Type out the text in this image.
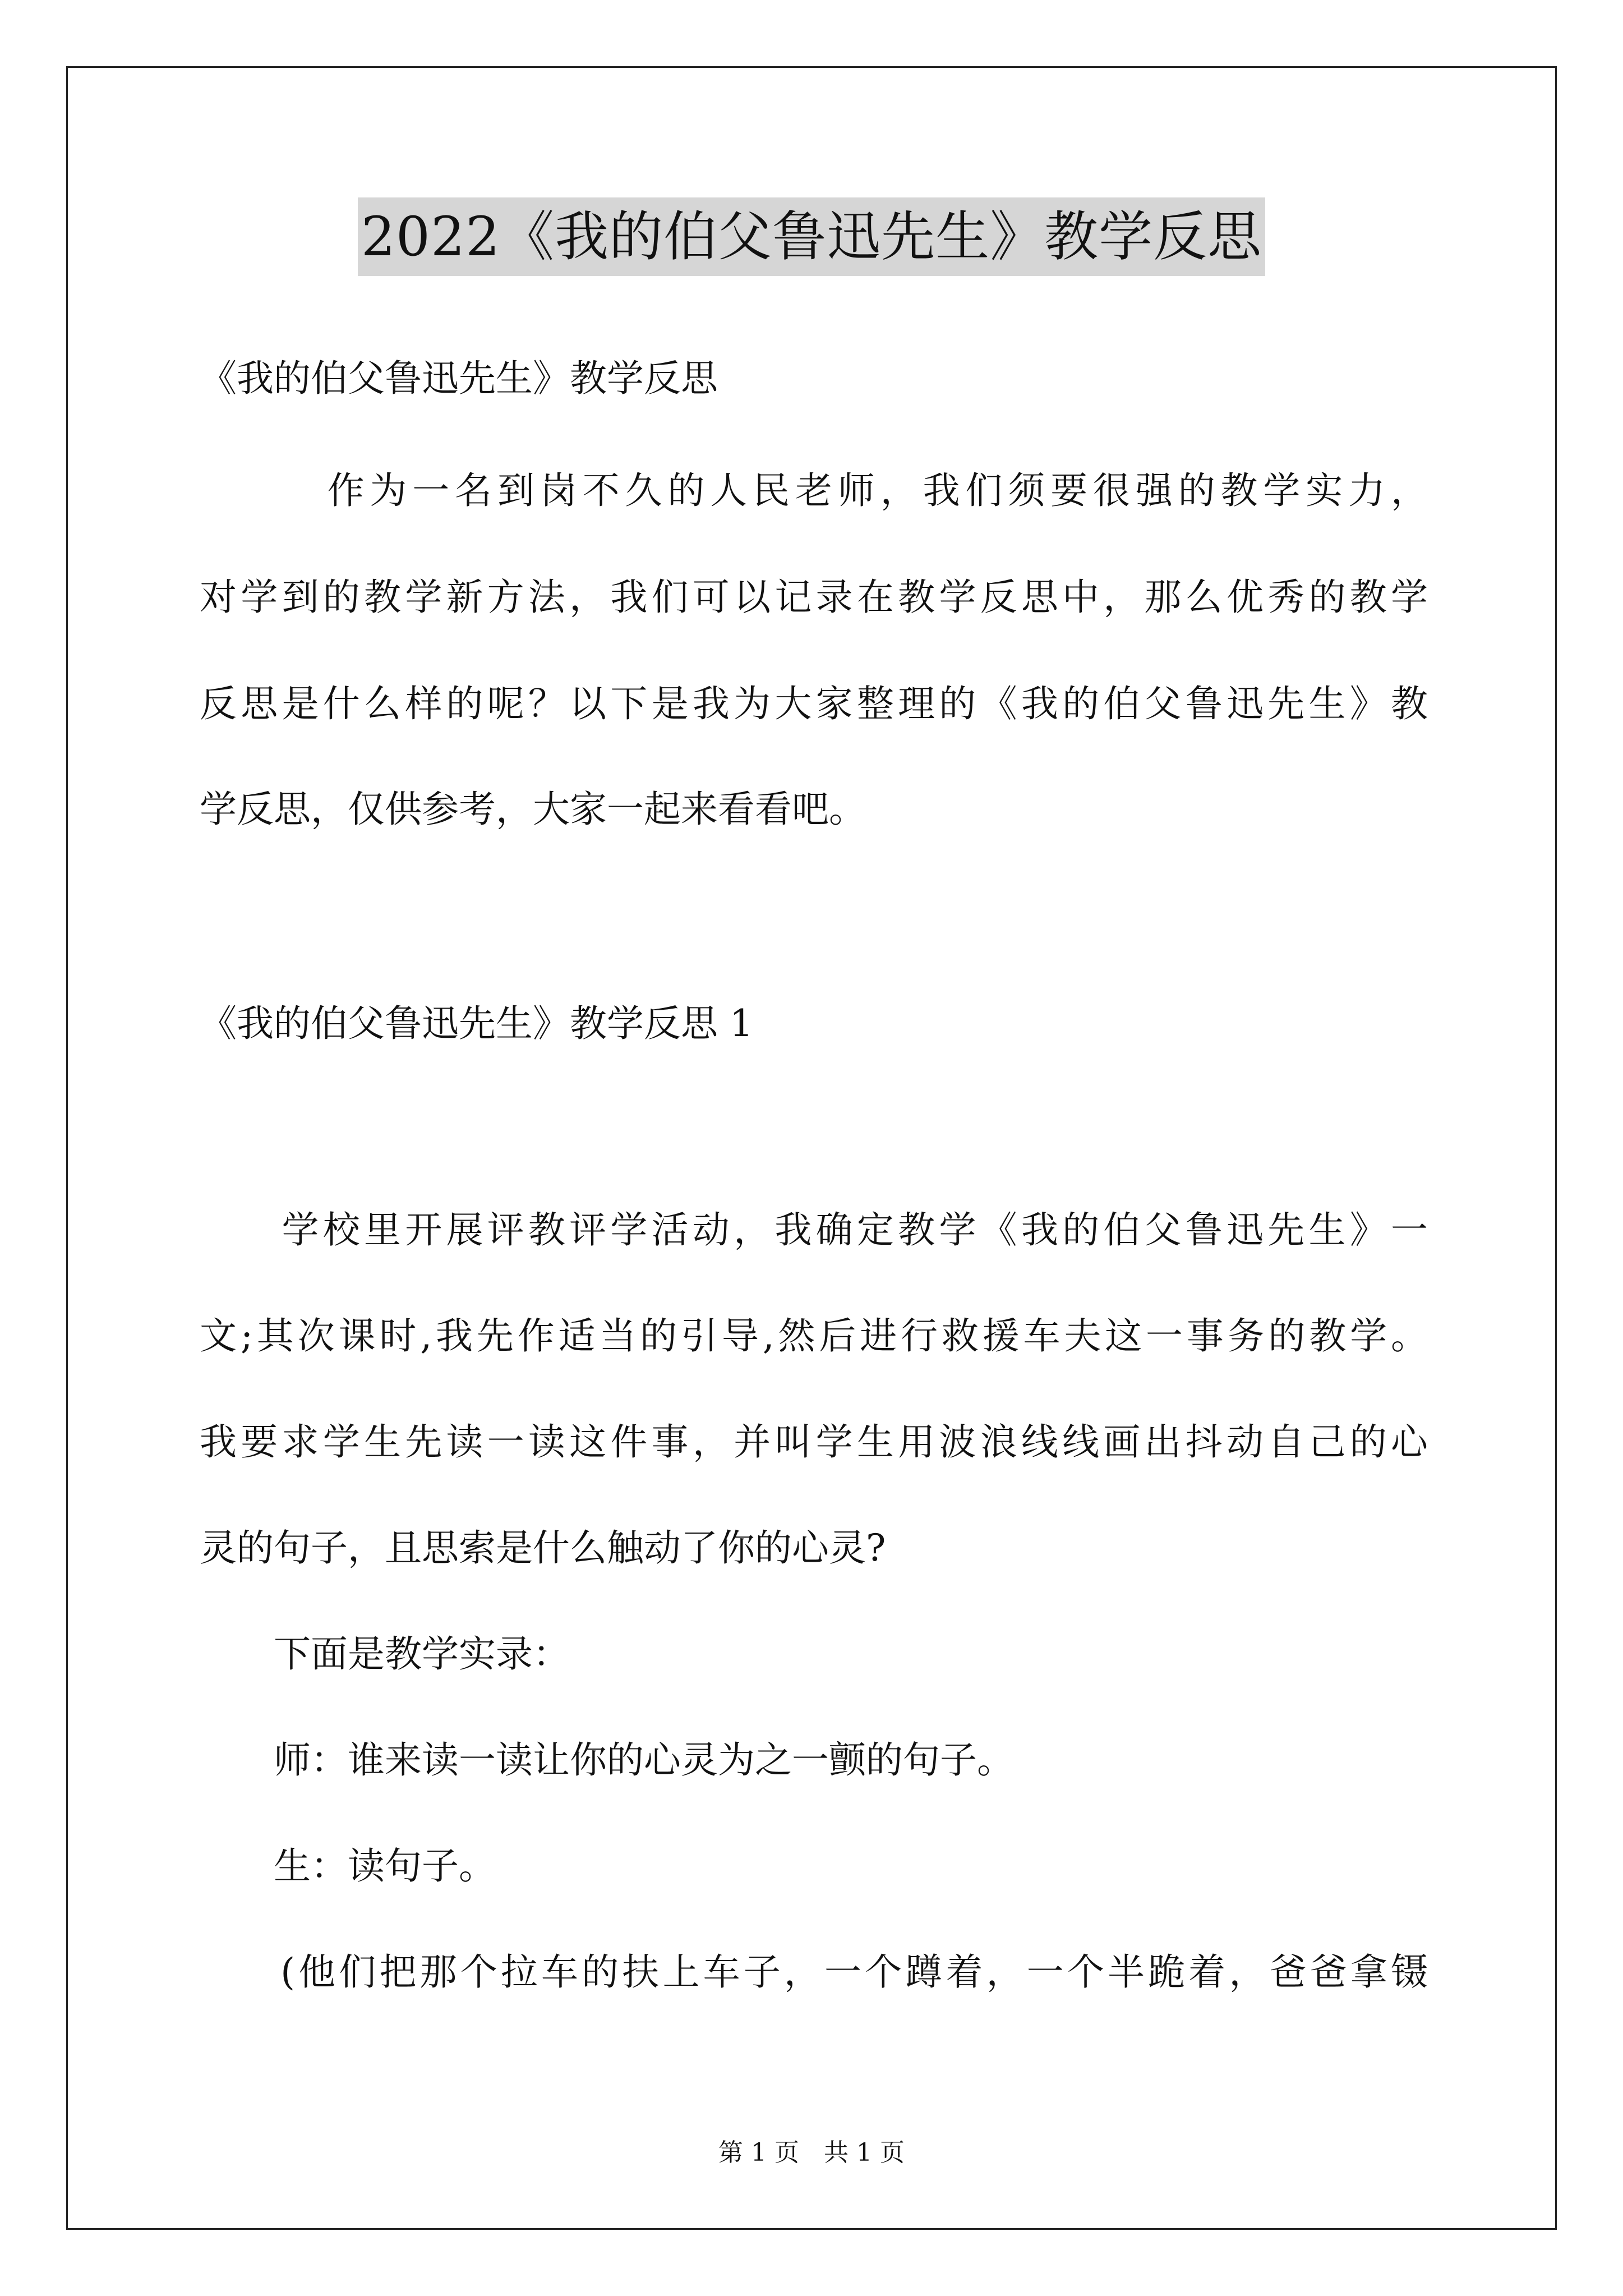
2022《我的伯父鲁迅先生》教学反思
《我的伯父鲁迅先生》教学反思
　　　作为一名到岗不久的人民老师，我们须要很强的教学实力，
对学到的教学新方法，我们可以记录在教学反思中，那么优秀的教学
反思是什么样的呢？以下是我为大家整理的《我的伯父鲁迅先生》教
学反思，仅供参考，大家一起来看看吧。
《我的伯父鲁迅先生》教学反思 1
　　学校里开展评教评学活动，我确定教学《我的伯父鲁迅先生》一
文;其次课时,我先作适当的引导,然后进行救援车夫这一事务的教学。
我要求学生先读一读这件事，并叫学生用波浪线线画出抖动自己的心
灵的句子，且思索是什么触动了你的心灵?
　　下面是教学实录：
　　师：谁来读一读让你的心灵为之一颤的句子。
　　生：读句子。
　　(他们把那个拉车的扶上车子，一个蹲着，一个半跪着，爸爸拿镊
第 1 页　共 1 页
